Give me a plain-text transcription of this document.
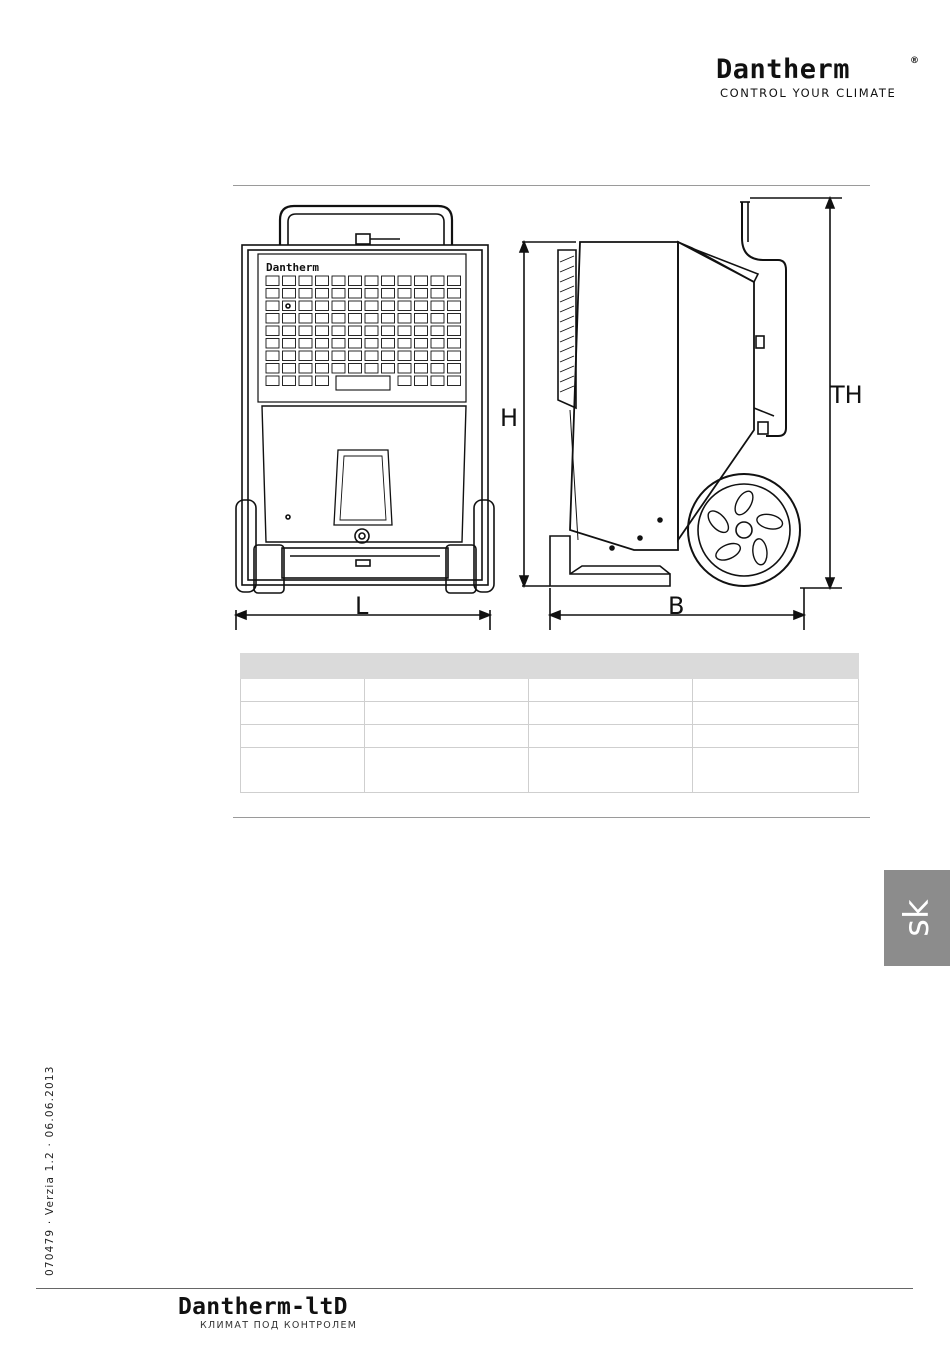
Dantherm	®
CONTROL YOUR CLIMATE
Dantherm
H
TH
L	B

sk
070479 · Verzia 1.2 · 06.06.2013
Dantherm-ltD
КЛИМАТ ПОД КОНТРОЛЕМ
